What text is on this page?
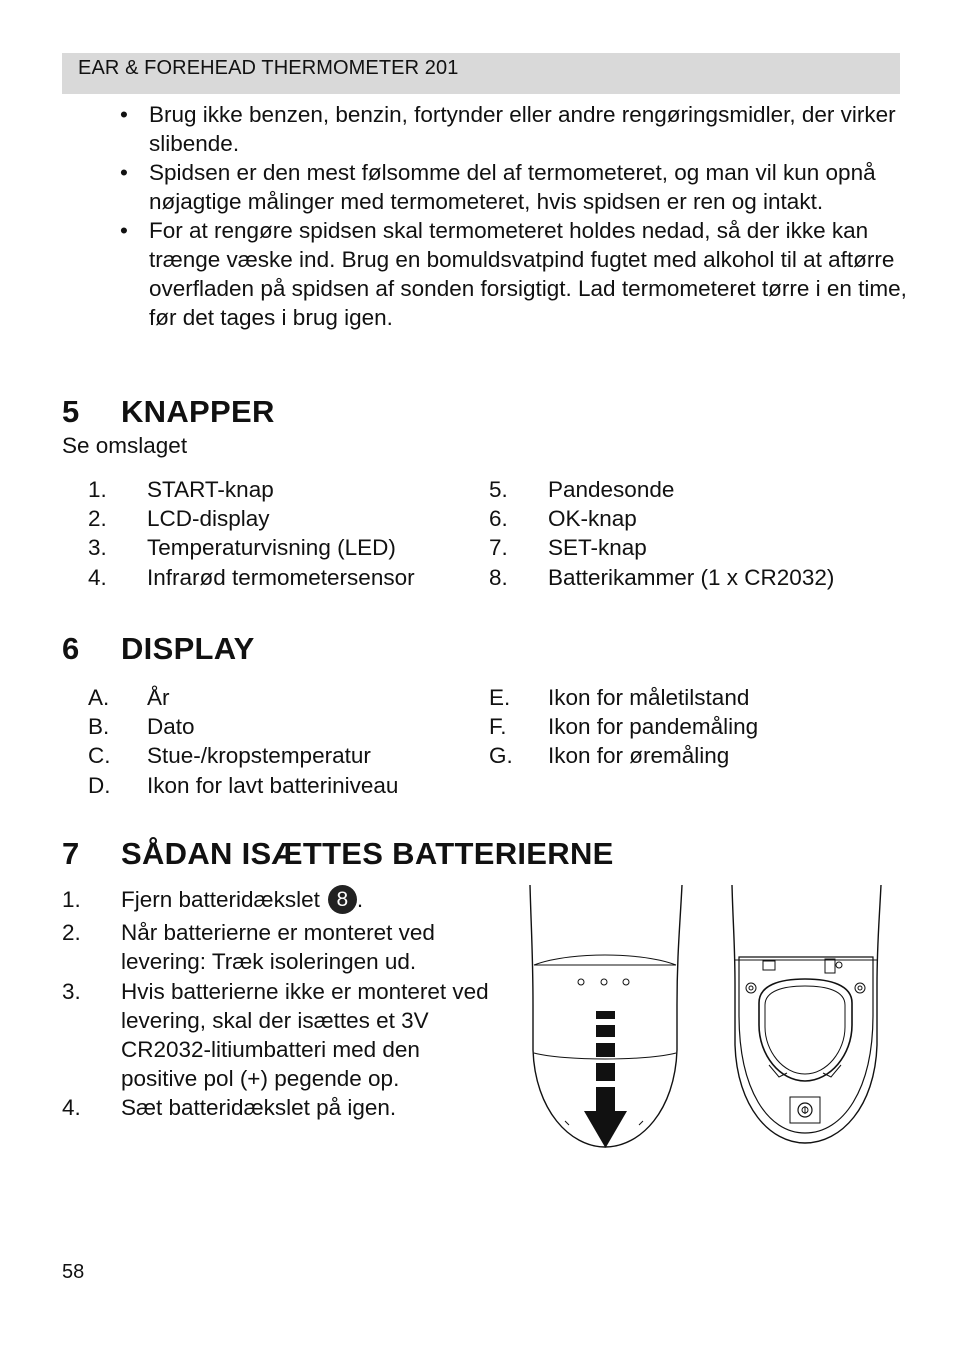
EAR & FOREHEAD THERMOMETER 201
• Brug ikke benzen, benzin, fortynder eller andre rengøringsmidler, der virker slibende.
• Spidsen er den mest følsomme del af termometeret, og man vil kun opnå nøjagtige målinger med termometeret, hvis spidsen er ren og intakt.
• For at rengøre spidsen skal termometeret holdes nedad, så der ikke kan trænge væske ind. Brug en bomuldsvatpind fugtet med alkohol til at aftørre overfladen på spidsen af sonden forsigtigt. Lad termometeret tørre i en time, før det tages i brug igen.
5 KNAPPER
Se omslaget
1. START-knap
2. LCD-display
3. Temperaturvisning (LED)
4. Infrarød termometersensor
5. Pandesonde
6. OK-knap
7. SET-knap
8. Batterikammer (1 x CR2032)
6 DISPLAY
A. År
B. Dato
C. Stue-/kropstemperatur
D. Ikon for lavt batteriniveau
E. Ikon for måletilstand
F. Ikon for pandemåling
G. Ikon for øremåling
7 SÅDAN ISÆTTES BATTERIERNE
1. Fjern batteridækslet 8 .
2. Når batterierne er monteret ved levering: Træk isoleringen ud.
3. Hvis batterierne ikke er monteret ved levering, skal der isættes et 3V CR2032-litiumbatteri med den positive pol (+) pegende op.
4. Sæt batteridækslet på igen.
58
